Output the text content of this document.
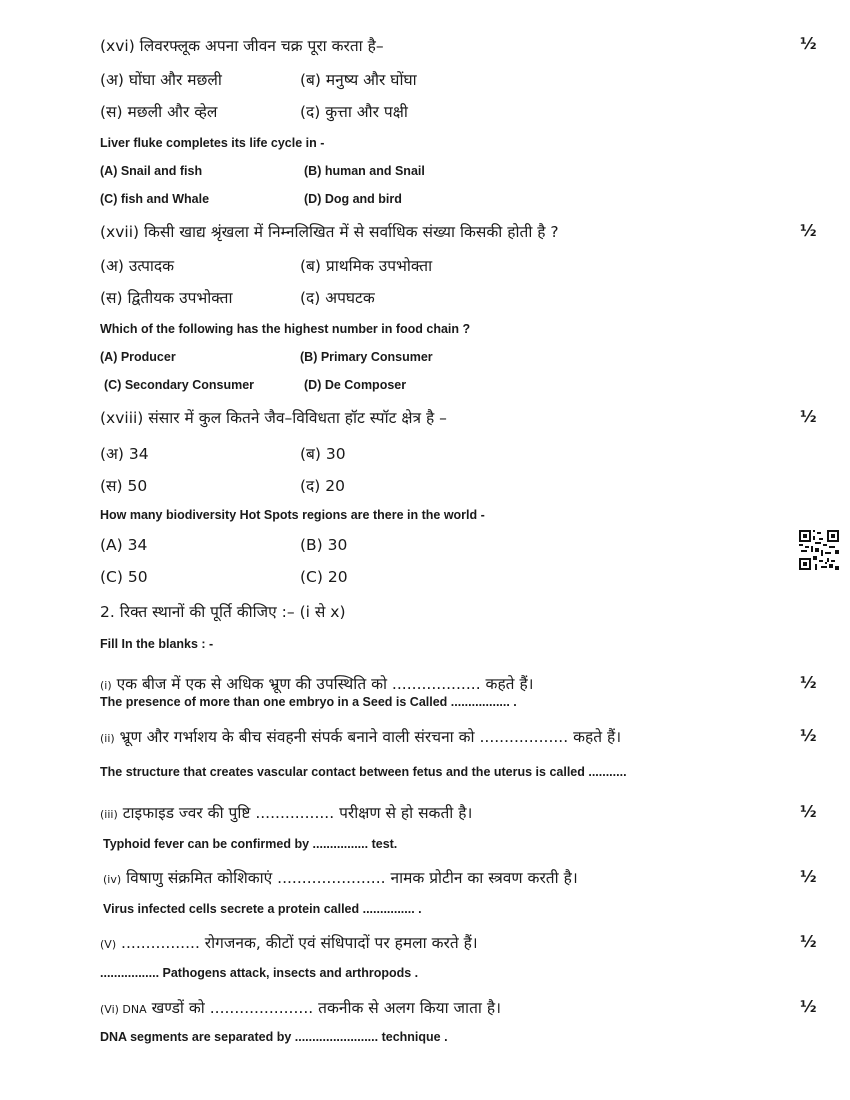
(xvi) लिवरफ्लूक अपना जीवन चक्र पूरा करता है–	½
(अ) घोंघा और मछली	(ब) मनुष्य और घोंघा
(स) मछली और व्हेल	(द) कुत्ता और पक्षी
Liver fluke completes its life cycle in -
(A) Snail and fish	(B) human and Snail
(C) fish and Whale	(D) Dog and bird
(xvii) किसी खाद्य श्रृंखला में निम्नलिखित में से सर्वाधिक संख्या किसकी होती है ?	½
(अ) उत्पादक	(ब) प्राथमिक उपभोक्ता
(स) द्वितीयक उपभोक्ता	(द) अपघटक
Which of the following has the highest number in food chain ?
(A) Producer	(B) Primary Consumer
(C) Secondary Consumer	(D) De Composer
(xviii) संसार में कुल कितने जैव–विविधता हॉट स्पॉट क्षेत्र है –	½
(अ) 34	(ब) 30
(स) 50	(द) 20
How many biodiversity Hot Spots regions are there in the world -
(A) 34	(B) 30
(C) 50	(C) 20
2. रिक्त स्थानों की पूर्ति कीजिए :– (i से x)
Fill In the blanks : -
(i) एक बीज में एक से अधिक भ्रूण की उपस्थिति को .................. कहते हैं।	½
The presence of more than one embryo in a Seed is Called ................. .
(ii) भ्रूण और गर्भाशय के बीच संवहनी संपर्क बनाने वाली संरचना को .................. कहते हैं।	½
The structure that creates vascular contact between fetus and the uterus is called ...........
(iii) टाइफाइड ज्वर की पुष्टि ................ परीक्षण से हो सकती है।	½
Typhoid fever can be confirmed by ................ test.
(iv) विषाणु संक्रमित कोशिकाएं ...................... नामक प्रोटीन का स्त्रवण करती है।	½
Virus infected cells secrete a protein called ............... .
(V) ................ रोगजनक, कीटों एवं संधिपादों पर हमला करते हैं।	½
................. Pathogens attack, insects and arthropods .
(Vi) DNA खण्डों को ..................... तकनीक से अलग किया जाता है।	½
DNA segments are separated by ........................ technique .
